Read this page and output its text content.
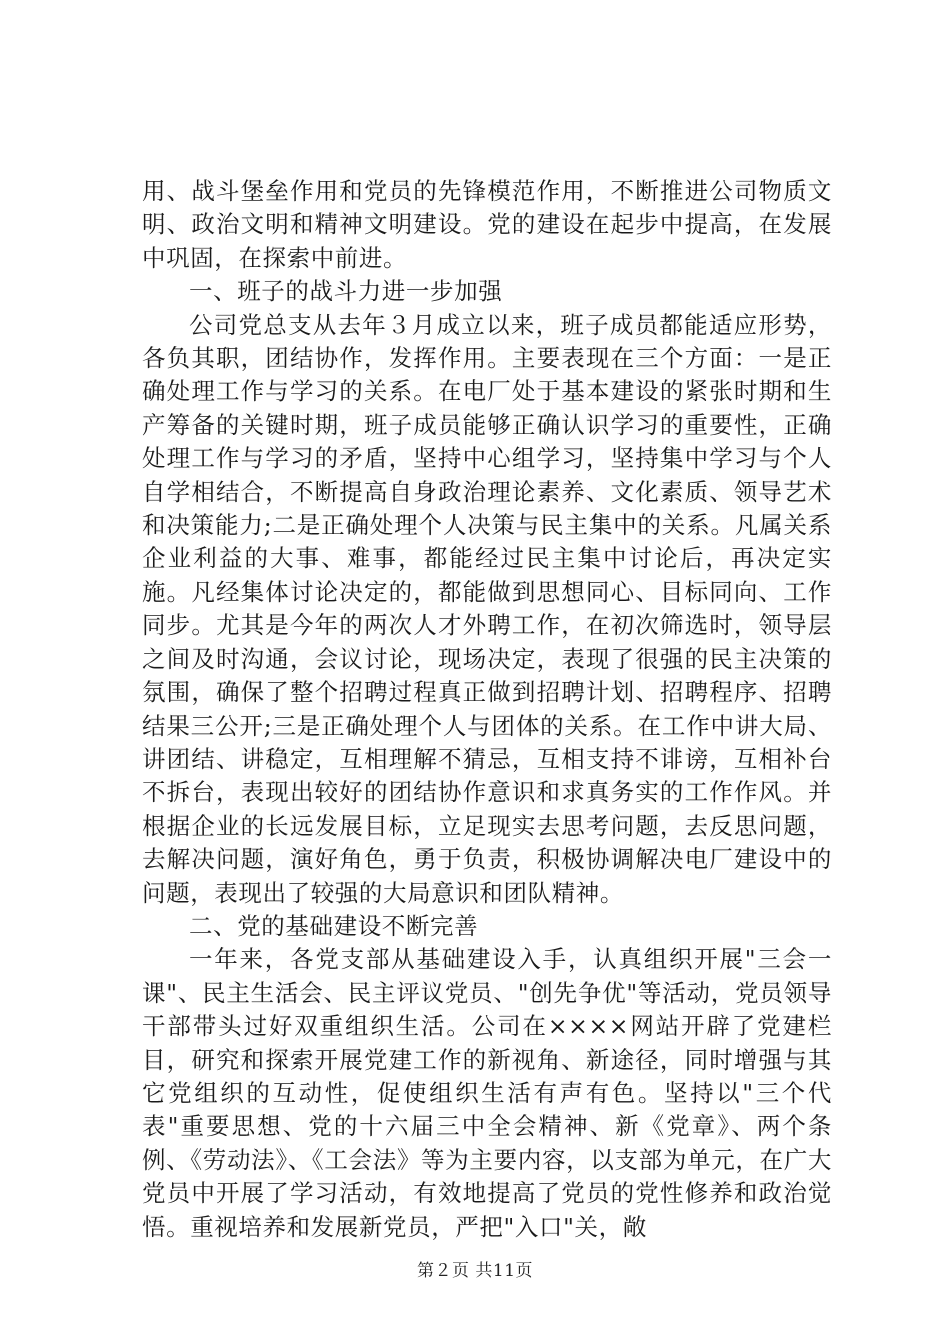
用、战斗堡垒作用和党员的先锋模范作用，不断推进公司物质文明、政治文明和精神文明建设。党的建设在起步中提高，在发展中巩固，在探索中前进。

一、班子的战斗力进一步加强

公司党总支从去年３月成立以来，班子成员都能适应形势，各负其职，团结协作，发挥作用。主要表现在三个方面：一是正确处理工作与学习的关系。在电厂处于基本建设的紧张时期和生产筹备的关键时期，班子成员能够正确认识学习的重要性，正确处理工作与学习的矛盾，坚持中心组学习，坚持集中学习与个人自学相结合，不断提高自身政治理论素养、文化素质、领导艺术和决策能力;二是正确处理个人决策与民主集中的关系。凡属关系企业利益的大事、难事，都能经过民主集中讨论后，再决定实施。凡经集体讨论决定的，都能做到思想同心、目标同向、工作同步。尤其是今年的两次人才外聘工作，在初次筛选时，领导层之间及时沟通，会议讨论，现场决定，表现了很强的民主决策的氛围，确保了整个招聘过程真正做到招聘计划、招聘程序、招聘结果三公开;三是正确处理个人与团体的关系。在工作中讲大局、讲团结、讲稳定，互相理解不猜忌，互相支持不诽谤，互相补台不拆台，表现出较好的团结协作意识和求真务实的工作作风。并根据企业的长远发展目标，立足现实去思考问题，去反思问题，去解决问题，演好角色，勇于负责，积极协调解决电厂建设中的问题，表现出了较强的大局意识和团队精神。

二、党的基础建设不断完善

一年来，各党支部从基础建设入手，认真组织开展"三会一课"、民主生活会、民主评议党员、"创先争优"等活动，党员领导干部带头过好双重组织生活。公司在××××网站开辟了党建栏目，研究和探索开展党建工作的新视角、新途径，同时增强与其它党组织的互动性，促使组织生活有声有色。坚持以"三个代表"重要思想、党的十六届三中全会精神、新《党章》、两个条例、《劳动法》、《工会法》等为主要内容，以支部为单元，在广大党员中开展了学习活动，有效地提高了党员的党性修养和政治觉悟。重视培养和发展新党员，严把"入口"关，敞

第２页 共11页
